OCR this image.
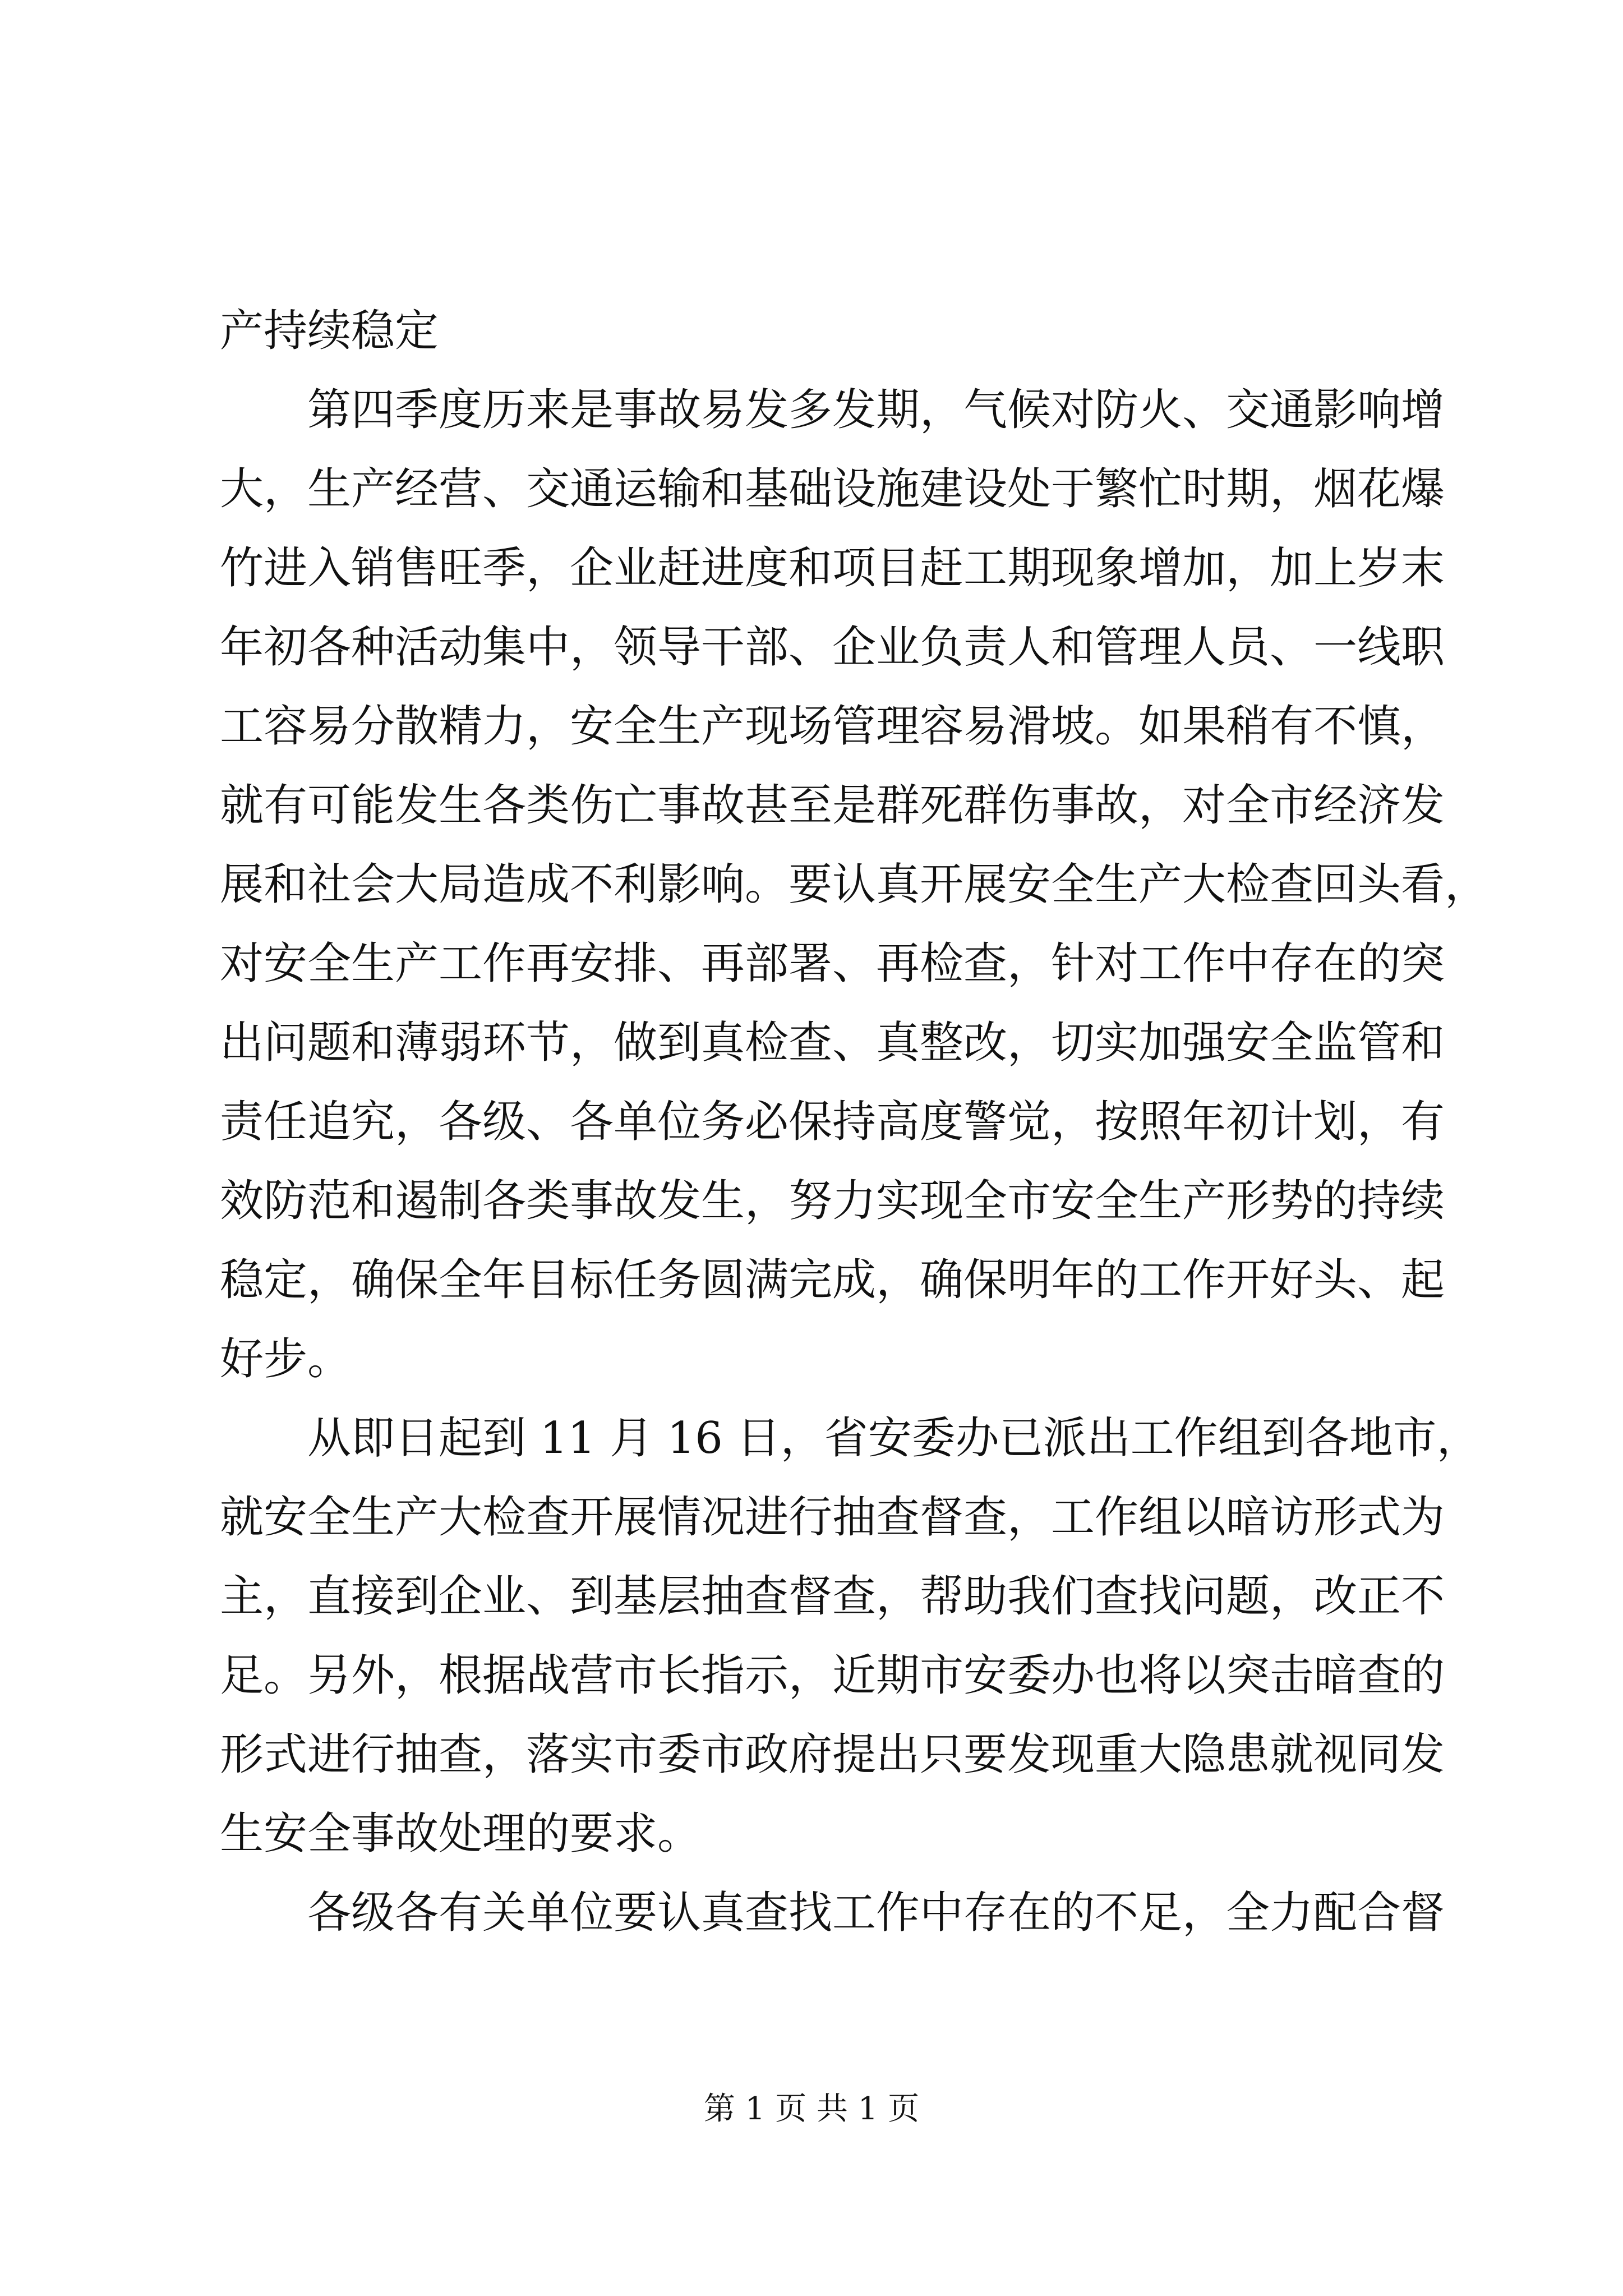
产持续稳定
第四季度历来是事故易发多发期，气候对防火、交通影响增
大，生产经营、交通运输和基础设施建设处于繁忙时期，烟花爆
竹进入销售旺季，企业赶进度和项目赶工期现象增加，加上岁末
年初各种活动集中，领导干部、企业负责人和管理人员、一线职
工容易分散精力，安全生产现场管理容易滑坡。如果稍有不慎，
就有可能发生各类伤亡事故甚至是群死群伤事故，对全市经济发
展和社会大局造成不利影响。要认真开展安全生产大检查回头看，
对安全生产工作再安排、再部署、再检查，针对工作中存在的突
出问题和薄弱环节，做到真检查、真整改，切实加强安全监管和
责任追究，各级、各单位务必保持高度警觉，按照年初计划，有
效防范和遏制各类事故发生，努力实现全市安全生产形势的持续
稳定，确保全年目标任务圆满完成，确保明年的工作开好头、起
好步。
从即日起到 11 月 16 日，省安委办已派出工作组到各地市，
就安全生产大检查开展情况进行抽查督查，工作组以暗访形式为
主，直接到企业、到基层抽查督查，帮助我们查找问题，改正不
足。另外，根据战营市长指示，近期市安委办也将以突击暗查的
形式进行抽查，落实市委市政府提出只要发现重大隐患就视同发
生安全事故处理的要求。
各级各有关单位要认真查找工作中存在的不足，全力配合督
第 1 页 共 1 页
